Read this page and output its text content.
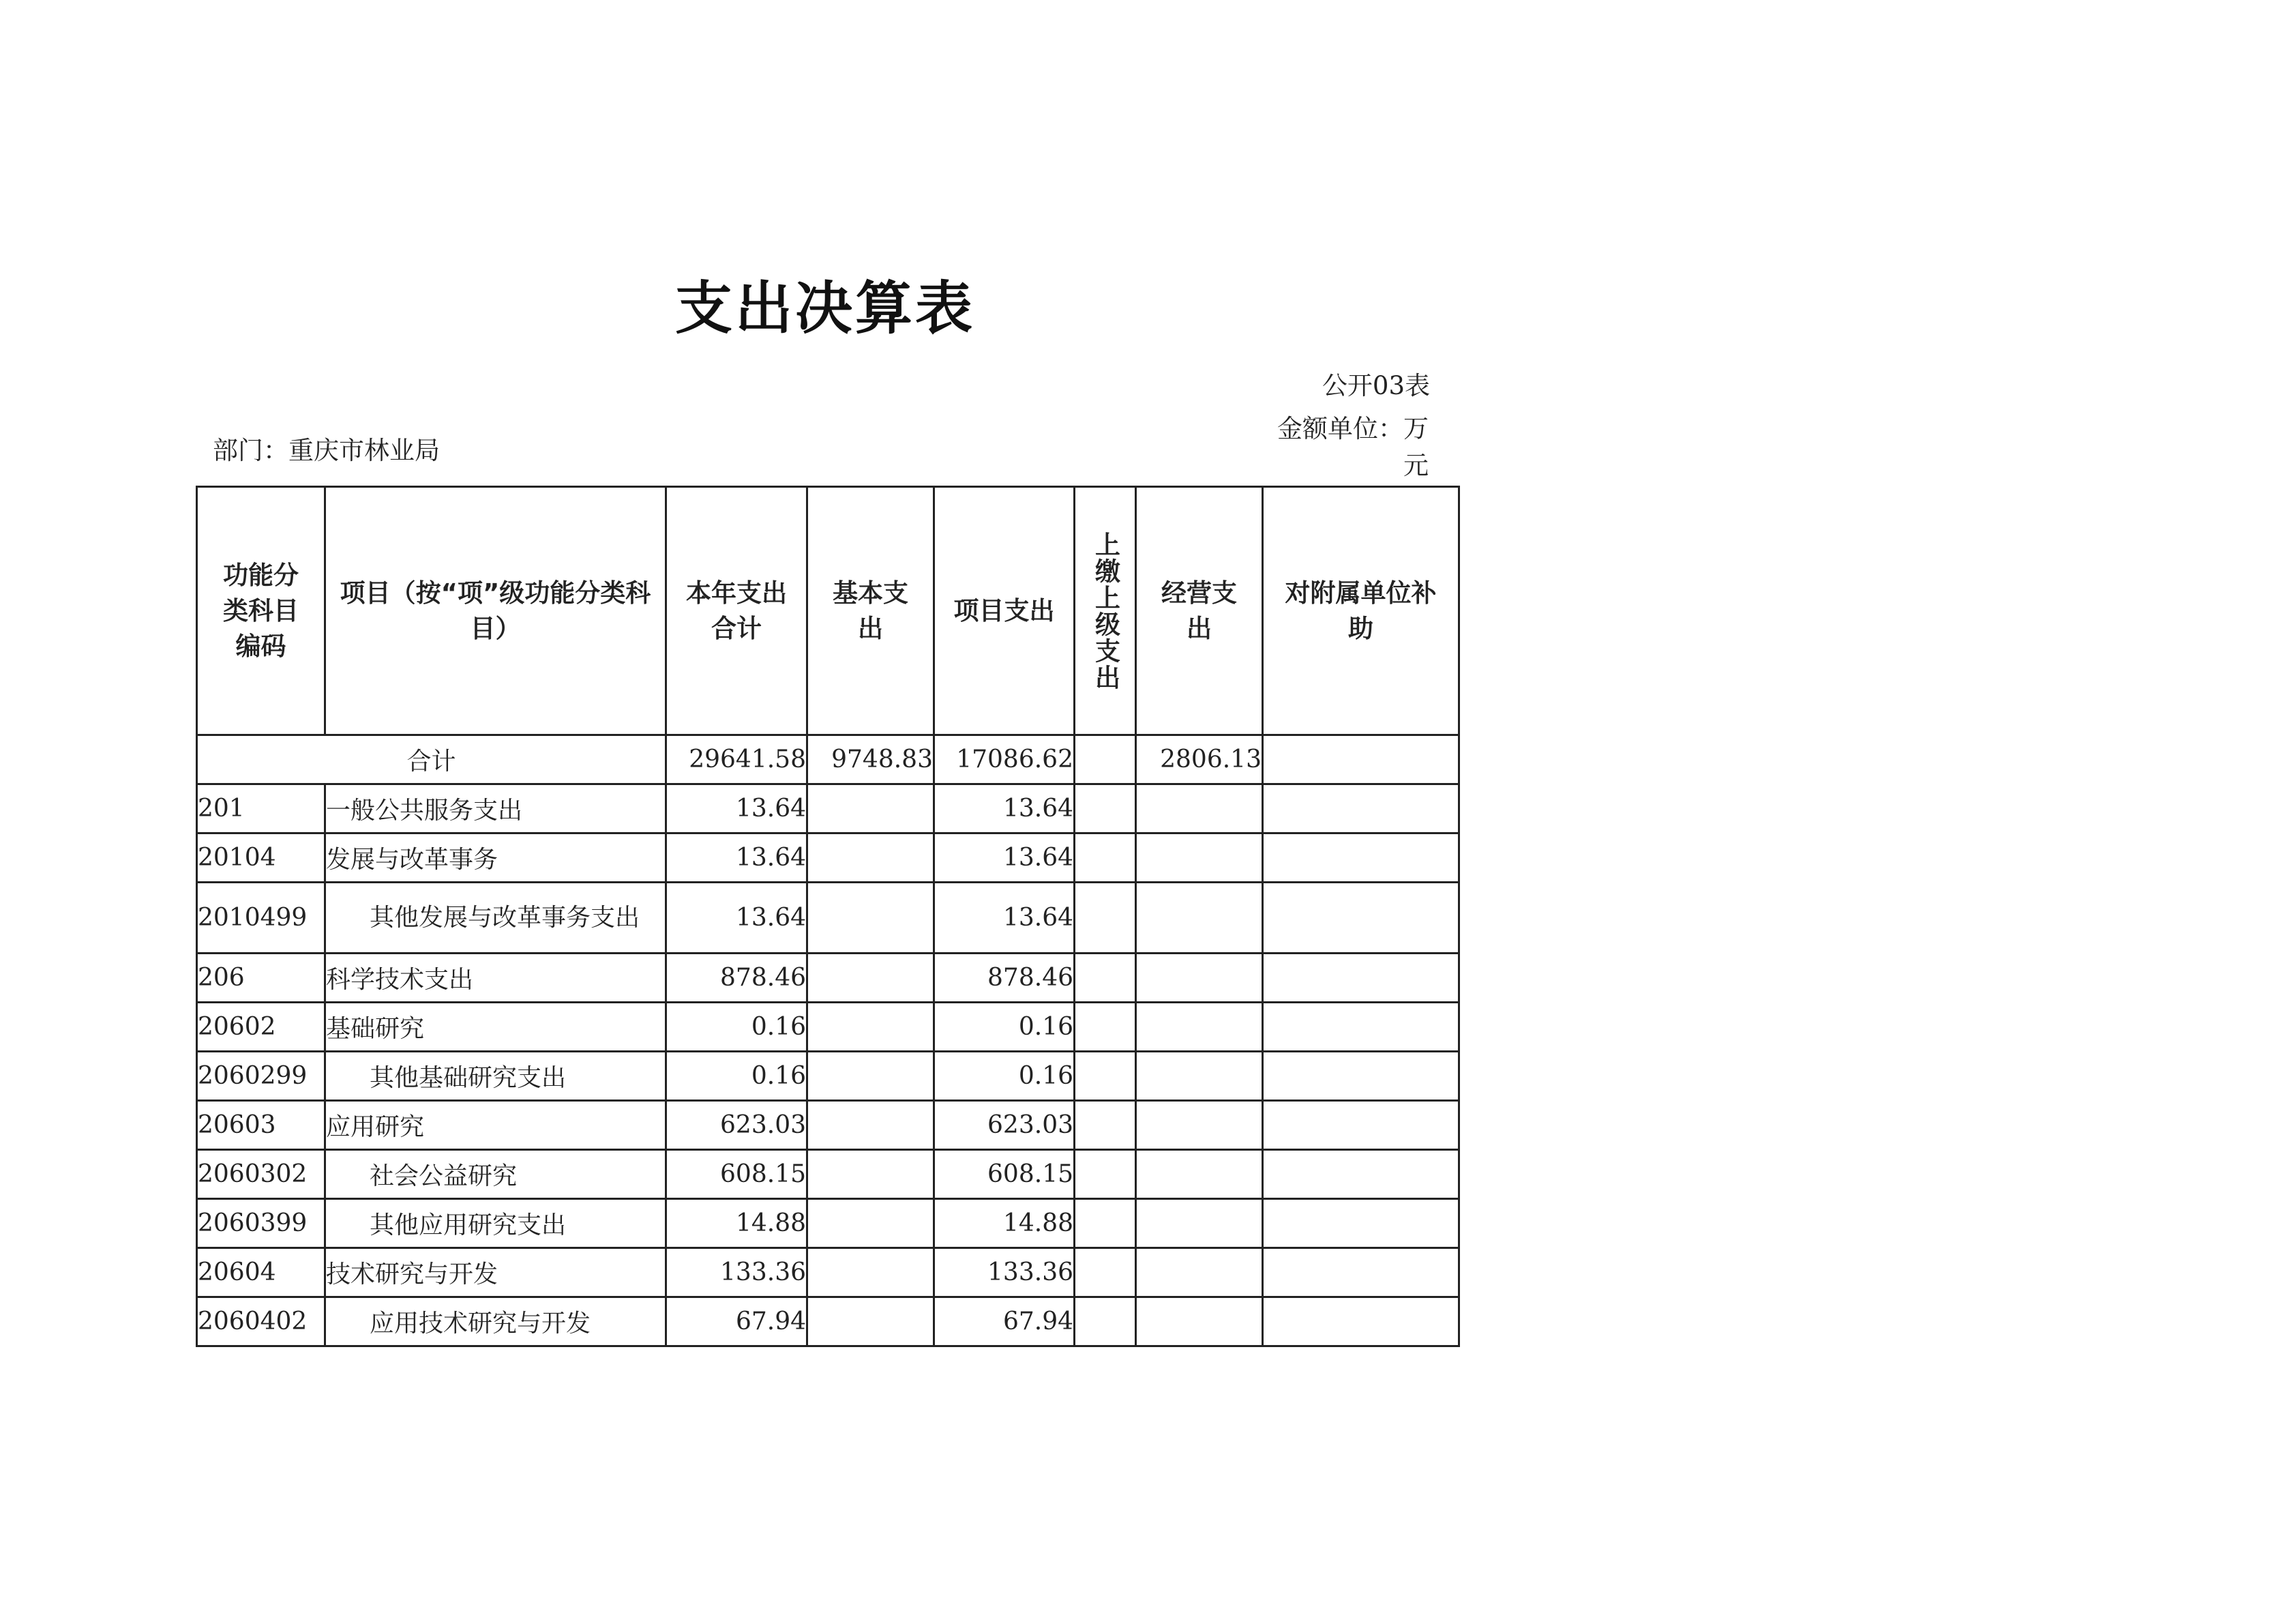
支出决算表
公开03表
部门：重庆市林业局
金额单位：万元
功能分类科目编码	项目（按“项”级功能分类科目）	本年支出合计	基本支出	项目支出	上缴上级支出	经营支出	对附属单位补助
合计		29641.58	9748.83	17086.62		2806.13	
201	一般公共服务支出	13.64		13.64			
20104	发展与改革事务	13.64		13.64			
2010499	其他发展与改革事务支出	13.64		13.64			
206	科学技术支出	878.46		878.46			
20602	基础研究	0.16		0.16			
2060299	其他基础研究支出	0.16		0.16			
20603	应用研究	623.03		623.03			
2060302	社会公益研究	608.15		608.15			
2060399	其他应用研究支出	14.88		14.88			
20604	技术研究与开发	133.36		133.36			
2060402	应用技术研究与开发	67.94		67.94			
